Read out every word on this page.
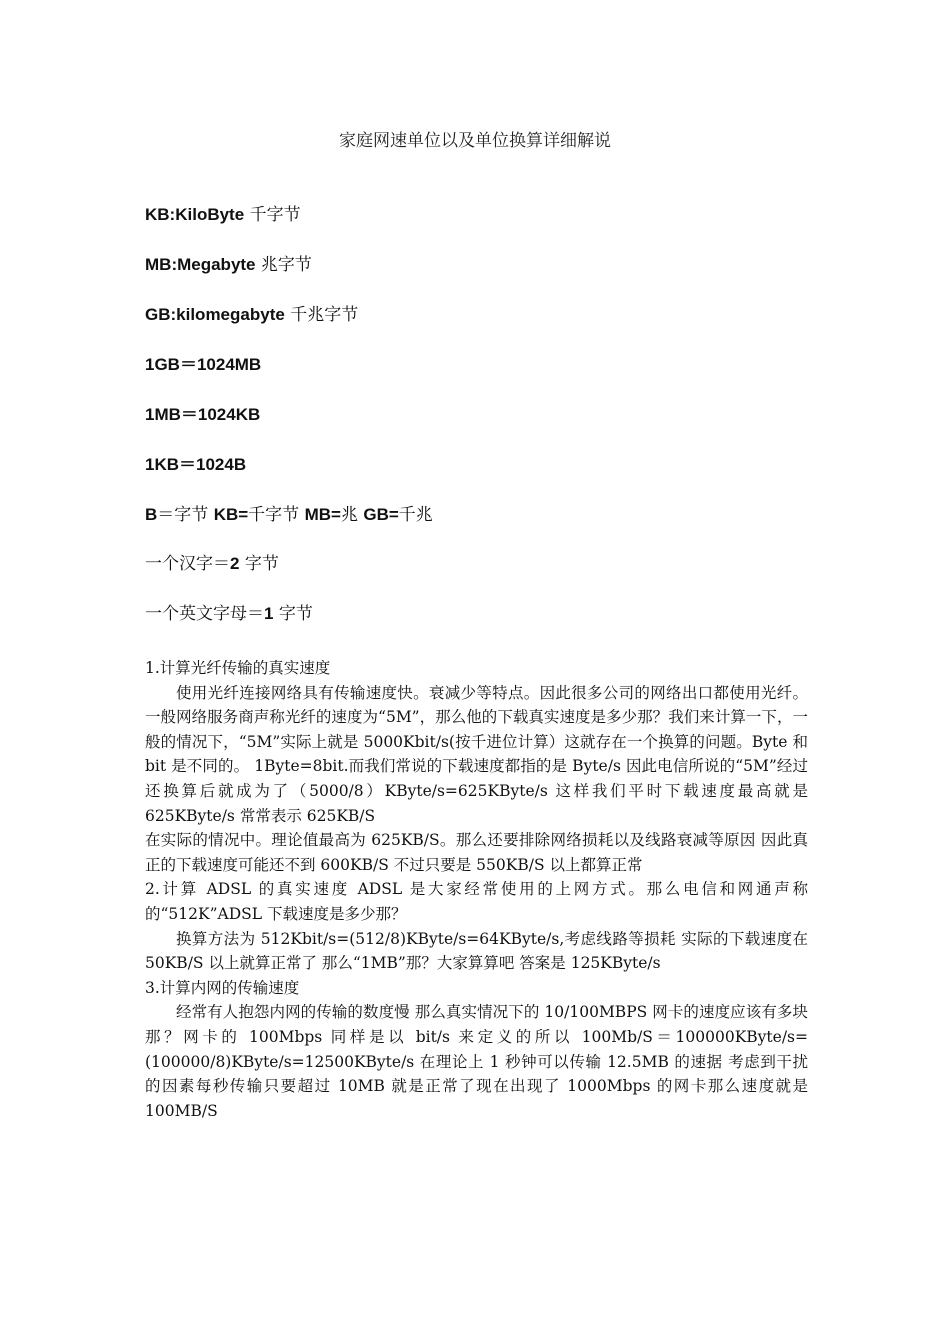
家庭网速单位以及单位换算详细解说
KB:KiloByte 千字节
MB:Megabyte 兆字节
GB:kilomegabyte 千兆字节
1GB＝1024MB
1MB＝1024KB
1KB＝1024B
B＝字节 KB=千字节 MB=兆 GB=千兆
一个汉字＝2 字节
一个英文字母＝1 字节

1.计算光纤传输的真实速度

使用光纤连接网络具有传输速度快。衰减少等特点。因此很多公司的网络出口都使用光纤。一般网络服务商声称光纤的速度为“5M”，那么他的下载真实速度是多少那？我们来计算一下，一般的情况下，“5M”实际上就是 5000Kbit/s(按千进位计算）这就存在一个换算的问题。Byte 和 bit 是不同的。 1Byte=8bit.而我们常说的下载速度都指的是 Byte/s 因此电信所说的“5M”经过还换算后就成为了（5000/8）KByte/s=625KByte/s 这样我们平时下载速度最高就是 625KByte/s 常常表示 625KB/S

在实际的情况中。理论值最高为 625KB/S。那么还要排除网络损耗以及线路衰减等原因 因此真正的下载速度可能还不到 600KB/S 不过只要是 550KB/S 以上都算正常

2.计算 ADSL 的真实速度 ADSL 是大家经常使用的上网方式。那么电信和网通声称的“512K”ADSL 下载速度是多少那？

换算方法为 512Kbit/s=(512/8)KByte/s=64KByte/s,考虑线路等损耗 实际的下载速度在 50KB/S 以上就算正常了 那么“1MB”那？大家算算吧 答案是 125KByte/s

3.计算内网的传输速度

经常有人抱怨内网的传输的数度慢 那么真实情况下的 10/100MBPS 网卡的速度应该有多块那？网卡的 100Mbps 同样是以 bit/s 来定义的所以 100Mb/S＝100000KByte/s=(100000/8)KByte/s=12500KByte/s 在理论上 1 秒钟可以传输 12.5MB 的速据 考虑到干扰的因素每秒传输只要超过 10MB 就是正常了现在出现了 1000Mbps 的网卡那么速度就是 100MB/S
